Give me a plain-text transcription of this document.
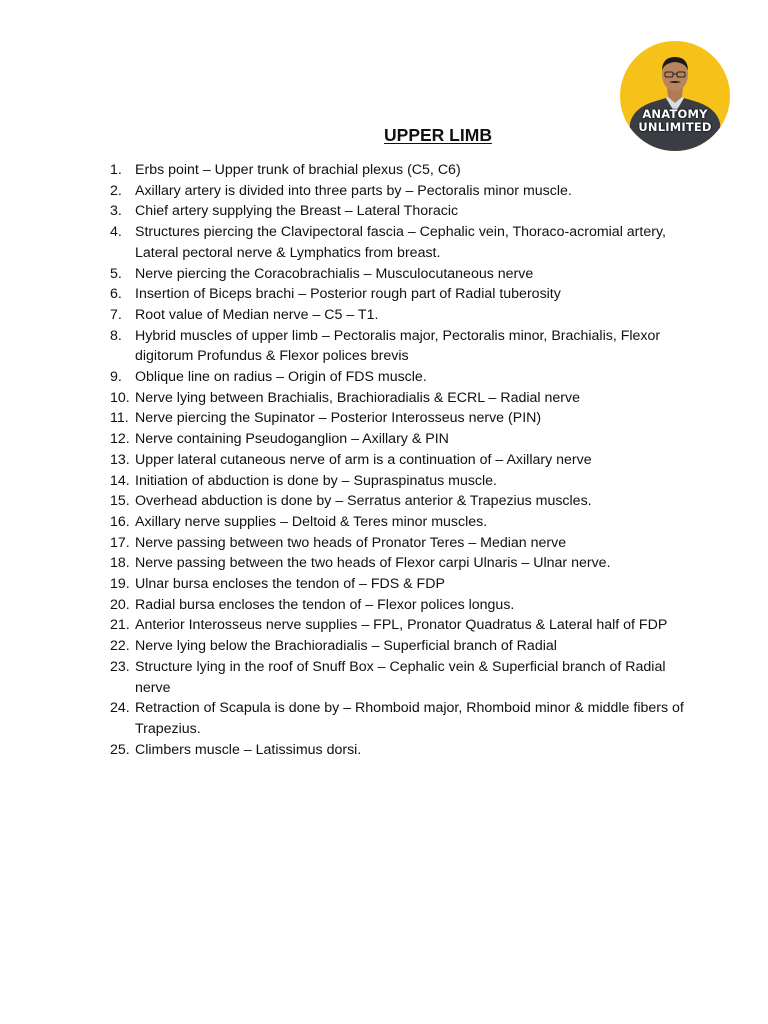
ANATOMY
UNLIMITED
UPPER LIMB
1. Erbs point – Upper trunk of brachial plexus (C5, C6)
2. Axillary artery is divided into three parts by – Pectoralis minor muscle.
3. Chief artery supplying the Breast – Lateral Thoracic
4. Structures piercing the Clavipectoral fascia – Cephalic vein, Thoraco-acromial artery, Lateral pectoral nerve & Lymphatics from breast.
5. Nerve piercing the Coracobrachialis – Musculocutaneous nerve
6. Insertion of Biceps brachi – Posterior rough part of Radial tuberosity
7. Root value of Median nerve – C5 – T1.
8. Hybrid muscles of upper limb – Pectoralis major, Pectoralis minor, Brachialis, Flexor digitorum Profundus & Flexor polices brevis
9. Oblique line on radius – Origin of FDS muscle.
10. Nerve lying between Brachialis, Brachioradialis & ECRL – Radial nerve
11. Nerve piercing the Supinator – Posterior Interosseus nerve (PIN)
12. Nerve containing Pseudoganglion – Axillary & PIN
13. Upper lateral cutaneous nerve of arm is a continuation of – Axillary nerve
14. Initiation of abduction is done by – Supraspinatus muscle.
15. Overhead abduction is done by – Serratus anterior & Trapezius muscles.
16. Axillary nerve supplies – Deltoid & Teres minor muscles.
17. Nerve passing between two heads of Pronator Teres – Median nerve
18. Nerve passing between the two heads of Flexor carpi Ulnaris – Ulnar nerve.
19. Ulnar bursa encloses the tendon of – FDS & FDP
20. Radial bursa encloses the tendon of – Flexor polices longus.
21. Anterior Interosseus nerve supplies – FPL, Pronator Quadratus & Lateral half of FDP
22. Nerve lying below the Brachioradialis – Superficial branch of Radial
23. Structure lying in the roof of Snuff Box – Cephalic vein & Superficial branch of Radial nerve
24. Retraction of Scapula is done by – Rhomboid major, Rhomboid minor & middle fibers of Trapezius.
25. Climbers muscle – Latissimus dorsi.
